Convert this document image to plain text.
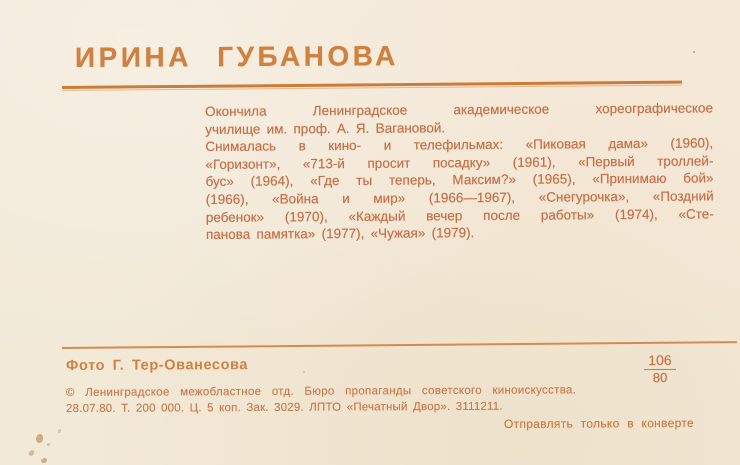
ИРИНА ГУБАНОВА
Окончила Ленинградское академическое хореографическое
училище им. проф. А. Я. Вагановой.
Снималась в кино- и телефильмах: «Пиковая дама» (1960),
«Горизонт», «713-й просит посадку» (1961), «Первый троллей-
бус» (1964), «Где ты теперь, Максим?» (1965), «Принимаю бой»
(1966), «Война и мир» (1966—1967), «Снегурочка», «Поздний
ребенок» (1970), «Каждый вечер после работы» (1974), «Сте-
панова памятка» (1977), «Чужая» (1979).
Фото Г. Тер-Ованесова	106
80
© Ленинградское межобластное отд. Бюро пропаганды советского киноискусства.
28.07.80. Т. 200 000. Ц. 5 коп. Зак. 3029. ЛПТО «Печатный Двор». 3111211.
Отправлять только в конверте
